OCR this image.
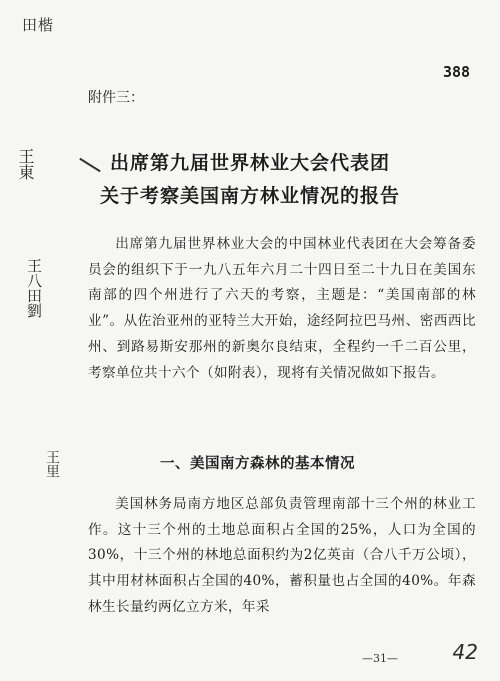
田楷
王東
王八田劉
王里
42
388
附件三：
出席第九届世界林业大会代表团
关于考察美国南方林业情况的报告

出席第九届世界林业大会的中国林业代表团在大会筹备委员会的组织下于一九八五年六月二十四日至二十九日在美国东南部的四个州进行了六天的考察，主题是：“美国南部的林业”。从佐治亚州的亚特兰大开始，途经阿拉巴马州、密西西比州、到路易斯安那州的新奥尔良结束，全程约一千二百公里，考察单位共十六个（如附表），现将有关情况做如下报告。

一、美国南方森林的基本情况

美国林务局南方地区总部负责管理南部十三个州的林业工作。这十三个州的土地总面积占全国的25%，人口为全国的30%，十三个州的林地总面积约为2亿英亩（合八千万公顷），其中用材林面积占全国的40%，蓄积量也占全国的40%。年森林生长量约两亿立方米，年采

—31—
